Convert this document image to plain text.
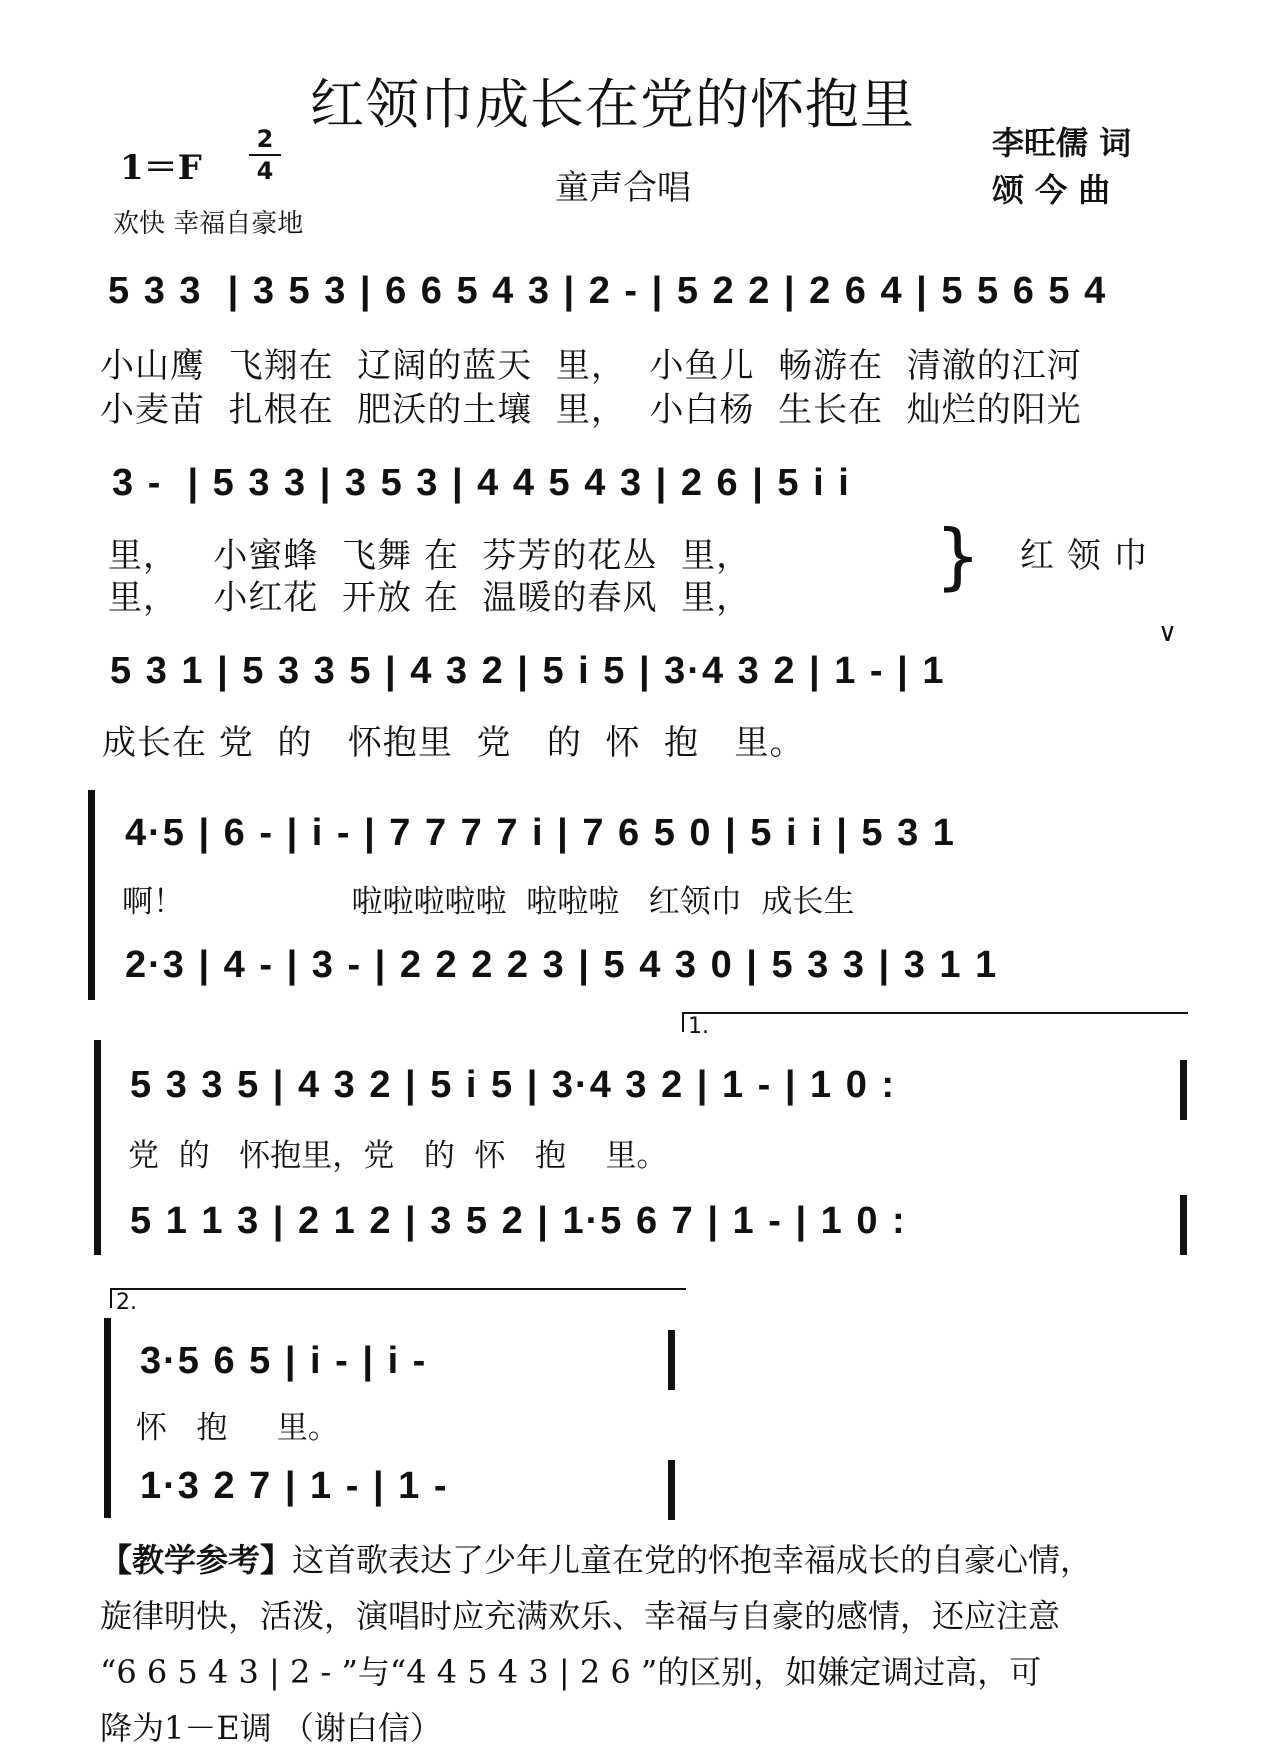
红领巾成长在党的怀抱里
1＝F
2
4	童声合唱
李旺儒 词
颂 今 曲
欢快 幸福自豪地
5 3 3  | 3 5 3 | 6 6 5 4 3 | 2 - | 5 2 2 | 2 6 4 | 5 5 6 5 4
小山鹰  飞翔在  辽阔的蓝天  里，  小鱼儿  畅游在  清澈的江河
小麦苗  扎根在  肥沃的土壤  里，  小白杨  生长在  灿烂的阳光
3 -  | 5 3 3 | 3 5 3 | 4 4 5 4 3 | 2 6 | 5 i i
里，   小蜜蜂  飞舞 在  芬芳的花丛  里，
里，   小红花  开放 在  温暖的春风  里，	} 红 领 巾
5 3 1 | 5 3 3 5 | 4 3 2 | 5 i 5 | 3·4 3 2 | 1 - | 1
∨
成长在 党  的   怀抱里  党   的  怀  抱   里。
4·5 | 6 - | i - | 7 7 7 7 i | 7 6 5 0 | 5 i i | 5 3 1
啊！                 啦啦啦啦啦  啦啦啦   红领巾  成长生
2·3 | 4 - | 3 - | 2 2 2 2 3 | 5 4 3 0 | 5 3 3 | 3 1 1
1.
5 3 3 5 | 4 3 2 | 5 i 5 | 3·4 3 2 | 1 - | 1 0 :
党  的   怀抱里，党   的  怀   抱    里。
5 1 1 3 | 2 1 2 | 3 5 2 | 1·5 6 7 | 1 - | 1 0 :
2.
3·5 6 5 | i - | i -
怀   抱     里。
1·3 2 7 | 1 - | 1 -
【教学参考】这首歌表达了少年儿童在党的怀抱幸福成长的自豪心情，
旋律明快，活泼，演唱时应充满欢乐、幸福与自豪的感情，还应注意
“6 6 5 4 3 | 2 - ”与“4 4 5 4 3 | 2 6 ”的区别，如嫌定调过高，可
降为1－E调 （谢白信）
